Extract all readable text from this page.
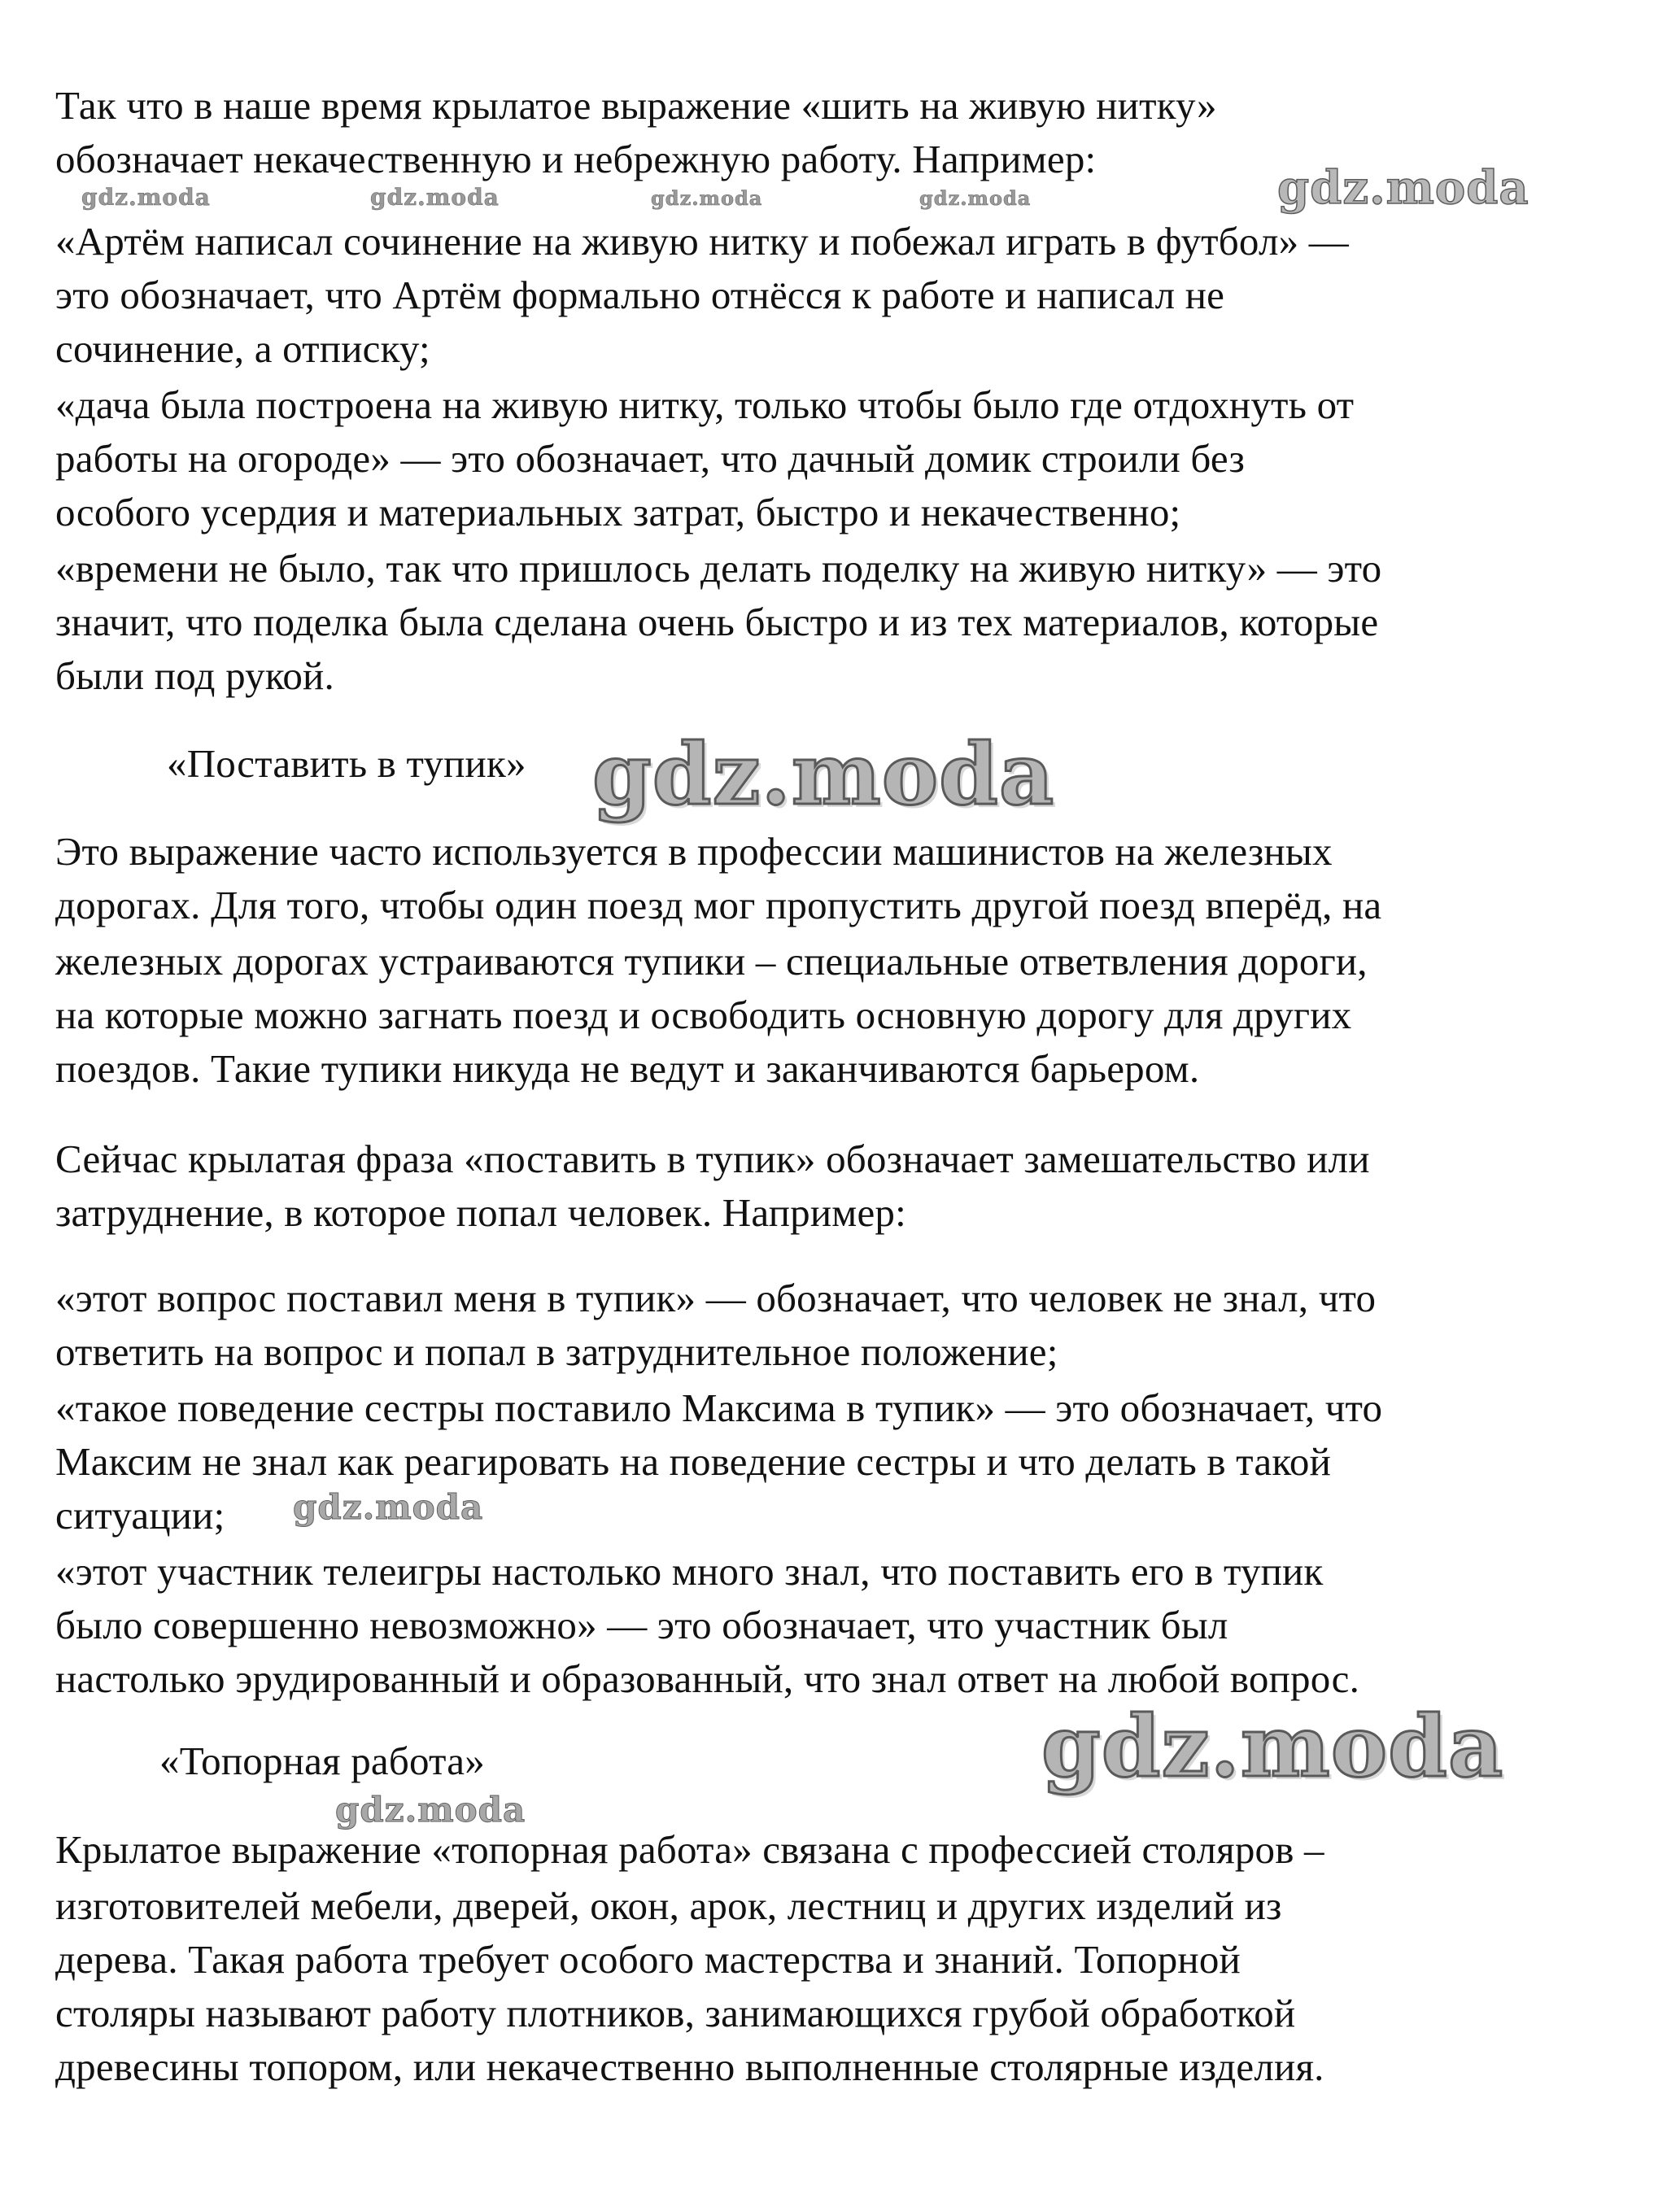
Так что в наше время крылатое выражение «шить на живую нитку»
обозначает некачественную и небрежную работу. Например:
gdz.moda	gdz.moda	gdz.moda	gdz.moda	gdz.moda
«Артём написал сочинение на живую нитку и побежал играть в футбол» —
это обозначает, что Артём формально отнёсся к работе и написал не
сочинение, а отписку;
«дача была построена на живую нитку, только чтобы было где отдохнуть от
работы на огороде» — это обозначает, что дачный домик строили без
особого усердия и материальных затрат, быстро и некачественно;
«времени не было, так что пришлось делать поделку на живую нитку» — это
значит, что поделка была сделана очень быстро и из тех материалов, которые
были под рукой.
«Поставить в тупик» gdz.moda
Это выражение часто используется в профессии машинистов на железных
дорогах. Для того, чтобы один поезд мог пропустить другой поезд вперёд, на
железных дорогах устраиваются тупики – специальные ответвления дороги,
на которые можно загнать поезд и освободить основную дорогу для других
поездов. Такие тупики никуда не ведут и заканчиваются барьером.
Сейчас крылатая фраза «поставить в тупик» обозначает замешательство или
затруднение, в которое попал человек. Например:
«этот вопрос поставил меня в тупик» — обозначает, что человек не знал, что
ответить на вопрос и попал в затруднительное положение;
«такое поведение сестры поставило Максима в тупик» — это обозначает, что
Максим не знал как реагировать на поведение сестры и что делать в такой
ситуации; gdz.moda
«этот участник телеигры настолько много знал, что поставить его в тупик
было совершенно невозможно» — это обозначает, что участник был
настолько эрудированный и образованный, что знал ответ на любой вопрос.
«Топорная работа»	gdz.moda
gdz.moda
Крылатое выражение «топорная работа» связана с профессией столяров –
изготовителей мебели, дверей, окон, арок, лестниц и других изделий из
дерева. Такая работа требует особого мастерства и знаний. Топорной
столяры называют работу плотников, занимающихся грубой обработкой
древесины топором, или некачественно выполненные столярные изделия.
